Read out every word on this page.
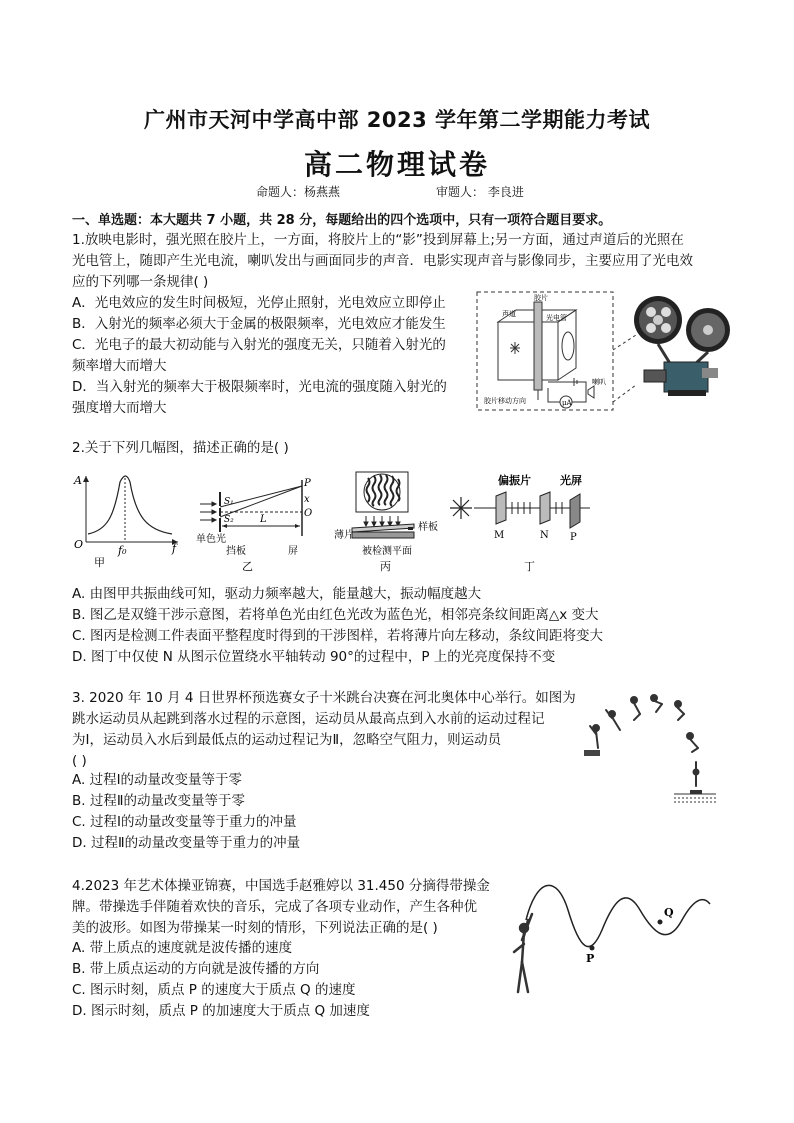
广州市天河中学高中部 2023 学年第二学期能力考试
高二物理试卷
命题人：杨燕燕	审题人： 李良进
一、单选题：本大题共 7 小题，共 28 分，每题给出的四个选项中，只有一项符合题目要求。
1.放映电影时，强光照在胶片上，一方面，将胶片上的“影”投到屏幕上;另一方面，通过声道后的光照在
光电管上，随即产生光电流，喇叭发出与画面同步的声音．电影实现声音与影像同步，主要应用了光电效
应的下列哪一条规律( )
A．光电效应的发生时间极短，光停止照射，光电效应立即停止
B．入射光的频率必须大于金属的极限频率，光电效应才能发生
C．光电子的最大初动能与入射光的强度无关，只随着入射光的
频率增大而增大
D．当入射光的频率大于极限频率时，光电流的强度随入射光的
强度增大而增大	μA
胶片
声道	光电管
喇叭
胶片移动方向
2.关于下列几幅图，描述正确的是( )
A
O	f₀	f
甲
P
x
O
S₁
S₂	L
单色光
挡板	屏
乙
薄片
样板
被检测平面
丙
偏振片	光屏
M	N P
丁
A. 由图甲共振曲线可知，驱动力频率越大，能量越大，振动幅度越大
B. 图乙是双缝干涉示意图，若将单色光由红色光改为蓝色光，相邻亮条纹间距离△x 变大
C. 图丙是检测工件表面平整程度时得到的干涉图样，若将薄片向左移动，条纹间距将变大
D. 图丁中仅使 N 从图示位置绕水平轴转动 90°的过程中，P 上的光亮度保持不变
3. 2020 年 10 月 4 日世界杯预选赛女子十米跳台决赛在河北奥体中心举行。如图为
跳水运动员从起跳到落水过程的示意图，运动员从最高点到入水前的运动过程记
为Ⅰ，运动员入水后到最低点的运动过程记为Ⅱ，忽略空气阻力，则运动员
( )
A. 过程Ⅰ的动量改变量等于零
B. 过程Ⅱ的动量改变量等于零
C. 过程Ⅰ的动量改变量等于重力的冲量
D. 过程Ⅱ的动量改变量等于重力的冲量
4.2023 年艺术体操亚锦赛，中国选手赵雅婷以 31.450 分摘得带操金
牌。带操选手伴随着欢快的音乐，完成了各项专业动作，产生各种优
美的波形。如图为带操某一时刻的情形，下列说法正确的是( )
A. 带上质点的速度就是波传播的速度
B. 带上质点运动的方向就是波传播的方向
C. 图示时刻，质点 P 的速度大于质点 Q 的速度
D. 图示时刻，质点 P 的加速度大于质点 Q 加速度
P
Q
